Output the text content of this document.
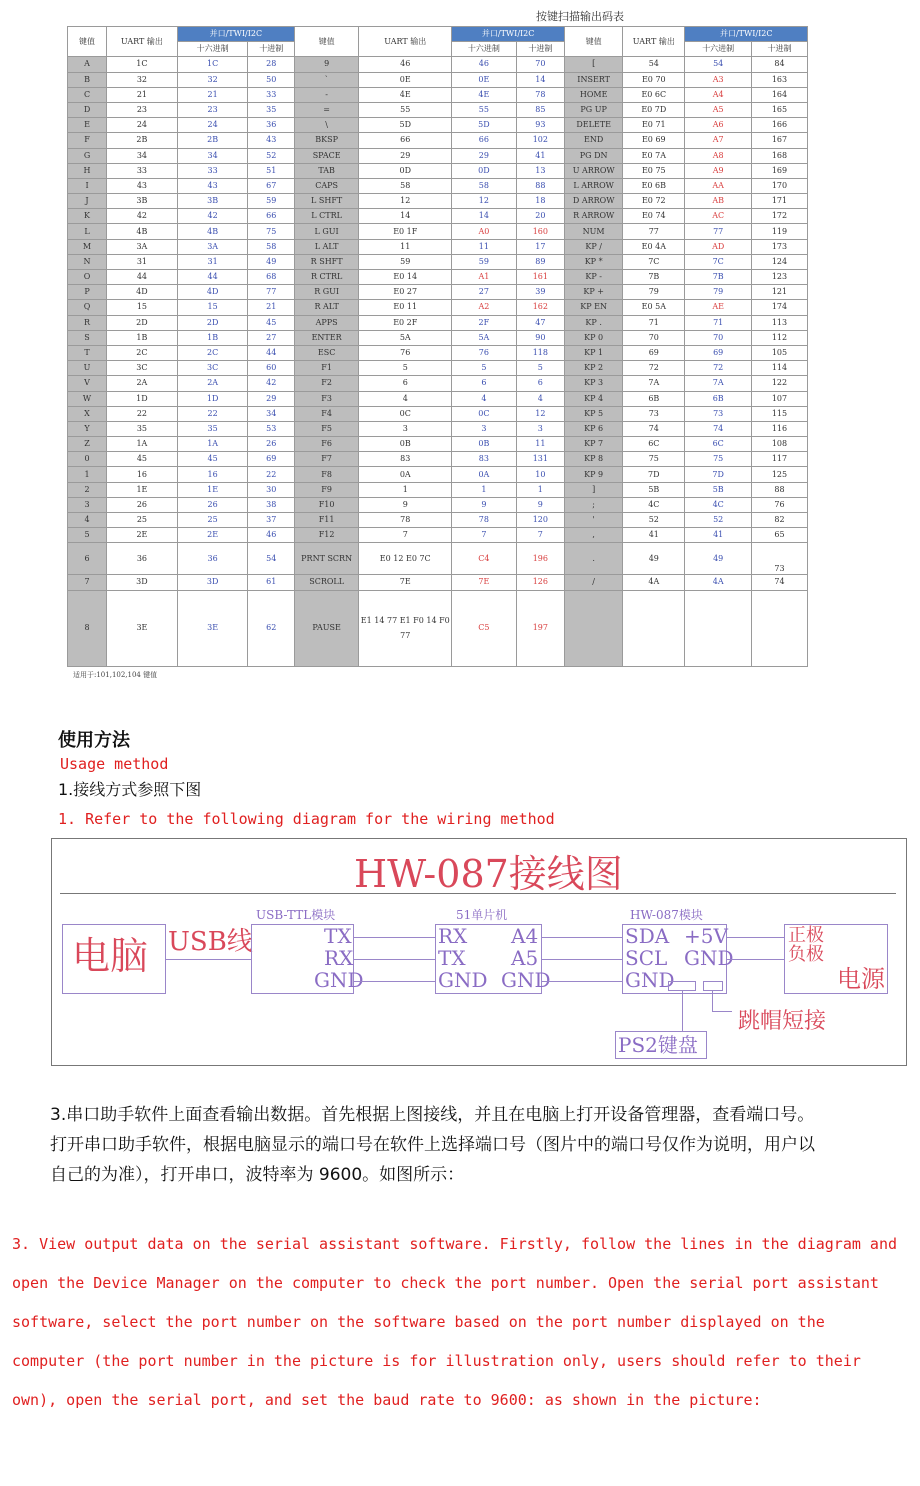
按键扫描输出码表
键值	UART 输出	并口/TWI/I2C		键值	UART 输出	并口/TWI/I2C		键值	UART 输出	并口/TWI/I2C	
		十六进制	十进制			十六进制	十进制			十六进制	十进制
A	1C	1C	28	9	46	46	70	[	54	54	84
B	32	32	50	`	0E	0E	14	INSERT	E0 70	A3	163
C	21	21	33	-	4E	4E	78	HOME	E0 6C	A4	164
D	23	23	35	=	55	55	85	PG UP	E0 7D	A5	165
E	24	24	36	\	5D	5D	93	DELETE	E0 71	A6	166
F	2B	2B	43	BKSP	66	66	102	END	E0 69	A7	167
G	34	34	52	SPACE	29	29	41	PG DN	E0 7A	A8	168
H	33	33	51	TAB	0D	0D	13	U ARROW	E0 75	A9	169
I	43	43	67	CAPS	58	58	88	L ARROW	E0 6B	AA	170
J	3B	3B	59	L SHFT	12	12	18	D ARROW	E0 72	AB	171
K	42	42	66	L CTRL	14	14	20	R ARROW	E0 74	AC	172
L	4B	4B	75	L GUI	E0 1F	A0	160	NUM	77	77	119
M	3A	3A	58	L ALT	11	11	17	KP /	E0 4A	AD	173
N	31	31	49	R SHFT	59	59	89	KP *	7C	7C	124
O	44	44	68	R CTRL	E0 14	A1	161	KP -	7B	7B	123
P	4D	4D	77	R GUI	E0 27	27	39	KP +	79	79	121
Q	15	15	21	R ALT	E0 11	A2	162	KP EN	E0 5A	AE	174
R	2D	2D	45	APPS	E0 2F	2F	47	KP .	71	71	113
S	1B	1B	27	ENTER	5A	5A	90	KP 0	70	70	112
T	2C	2C	44	ESC	76	76	118	KP 1	69	69	105
U	3C	3C	60	F1	5	5	5	KP 2	72	72	114
V	2A	2A	42	F2	6	6	6	KP 3	7A	7A	122
W	1D	1D	29	F3	4	4	4	KP 4	6B	6B	107
X	22	22	34	F4	0C	0C	12	KP 5	73	73	115
Y	35	35	53	F5	3	3	3	KP 6	74	74	116
Z	1A	1A	26	F6	0B	0B	11	KP 7	6C	6C	108
0	45	45	69	F7	83	83	131	KP 8	75	75	117
1	16	16	22	F8	0A	0A	10	KP 9	7D	7D	125
2	1E	1E	30	F9	1	1	1	]	5B	5B	88
3	26	26	38	F10	9	9	9	;	4C	4C	76
4	25	25	37	F11	78	78	120	'	52	52	82
5	2E	2E	46	F12	7	7	7	,	41	41	65
6	36	36	54	PRNT SCRN	E0 12 E0 7C	C4	196	.	49	49	73
7	3D	3D	61	SCROLL	7E	7E	126	/	4A	4A	74
8	3E	3E	62	PAUSE	E1 14 77 E1 F0 14 F0 77	C5	197				
适用于:101,102,104 键值
使用方法
Usage method
1.接线方式参照下图
1. Refer to the following diagram for the wiring method
HW-087接线图
电脑 USB线
USB-TTL模块
TX
RX
GND
51单片机
RX
TX
GND
A4
A5
GND
HW-087模块
SDA
SCL
GND
+5V
GND
正极
负极
电源
跳帽短接
PS2键盘
3.串口助手软件上面查看输出数据。首先根据上图接线，并且在电脑上打开设备管理器，查看端口号。打开串口助手软件，根据电脑显示的端口号在软件上选择端口号（图片中的端口号仅作为说明，用户以自己的为准），打开串口，波特率为 9600。如图所示：
3. View output data on the serial assistant software. Firstly, follow the lines in the diagram and open the Device Manager on the computer to check the port number. Open the serial port assistant software, select the port number on the software based on the port number displayed on the computer (the port number in the picture is for illustration only, users should refer to their own), open the serial port, and set the baud rate to 9600: as shown in the picture:
